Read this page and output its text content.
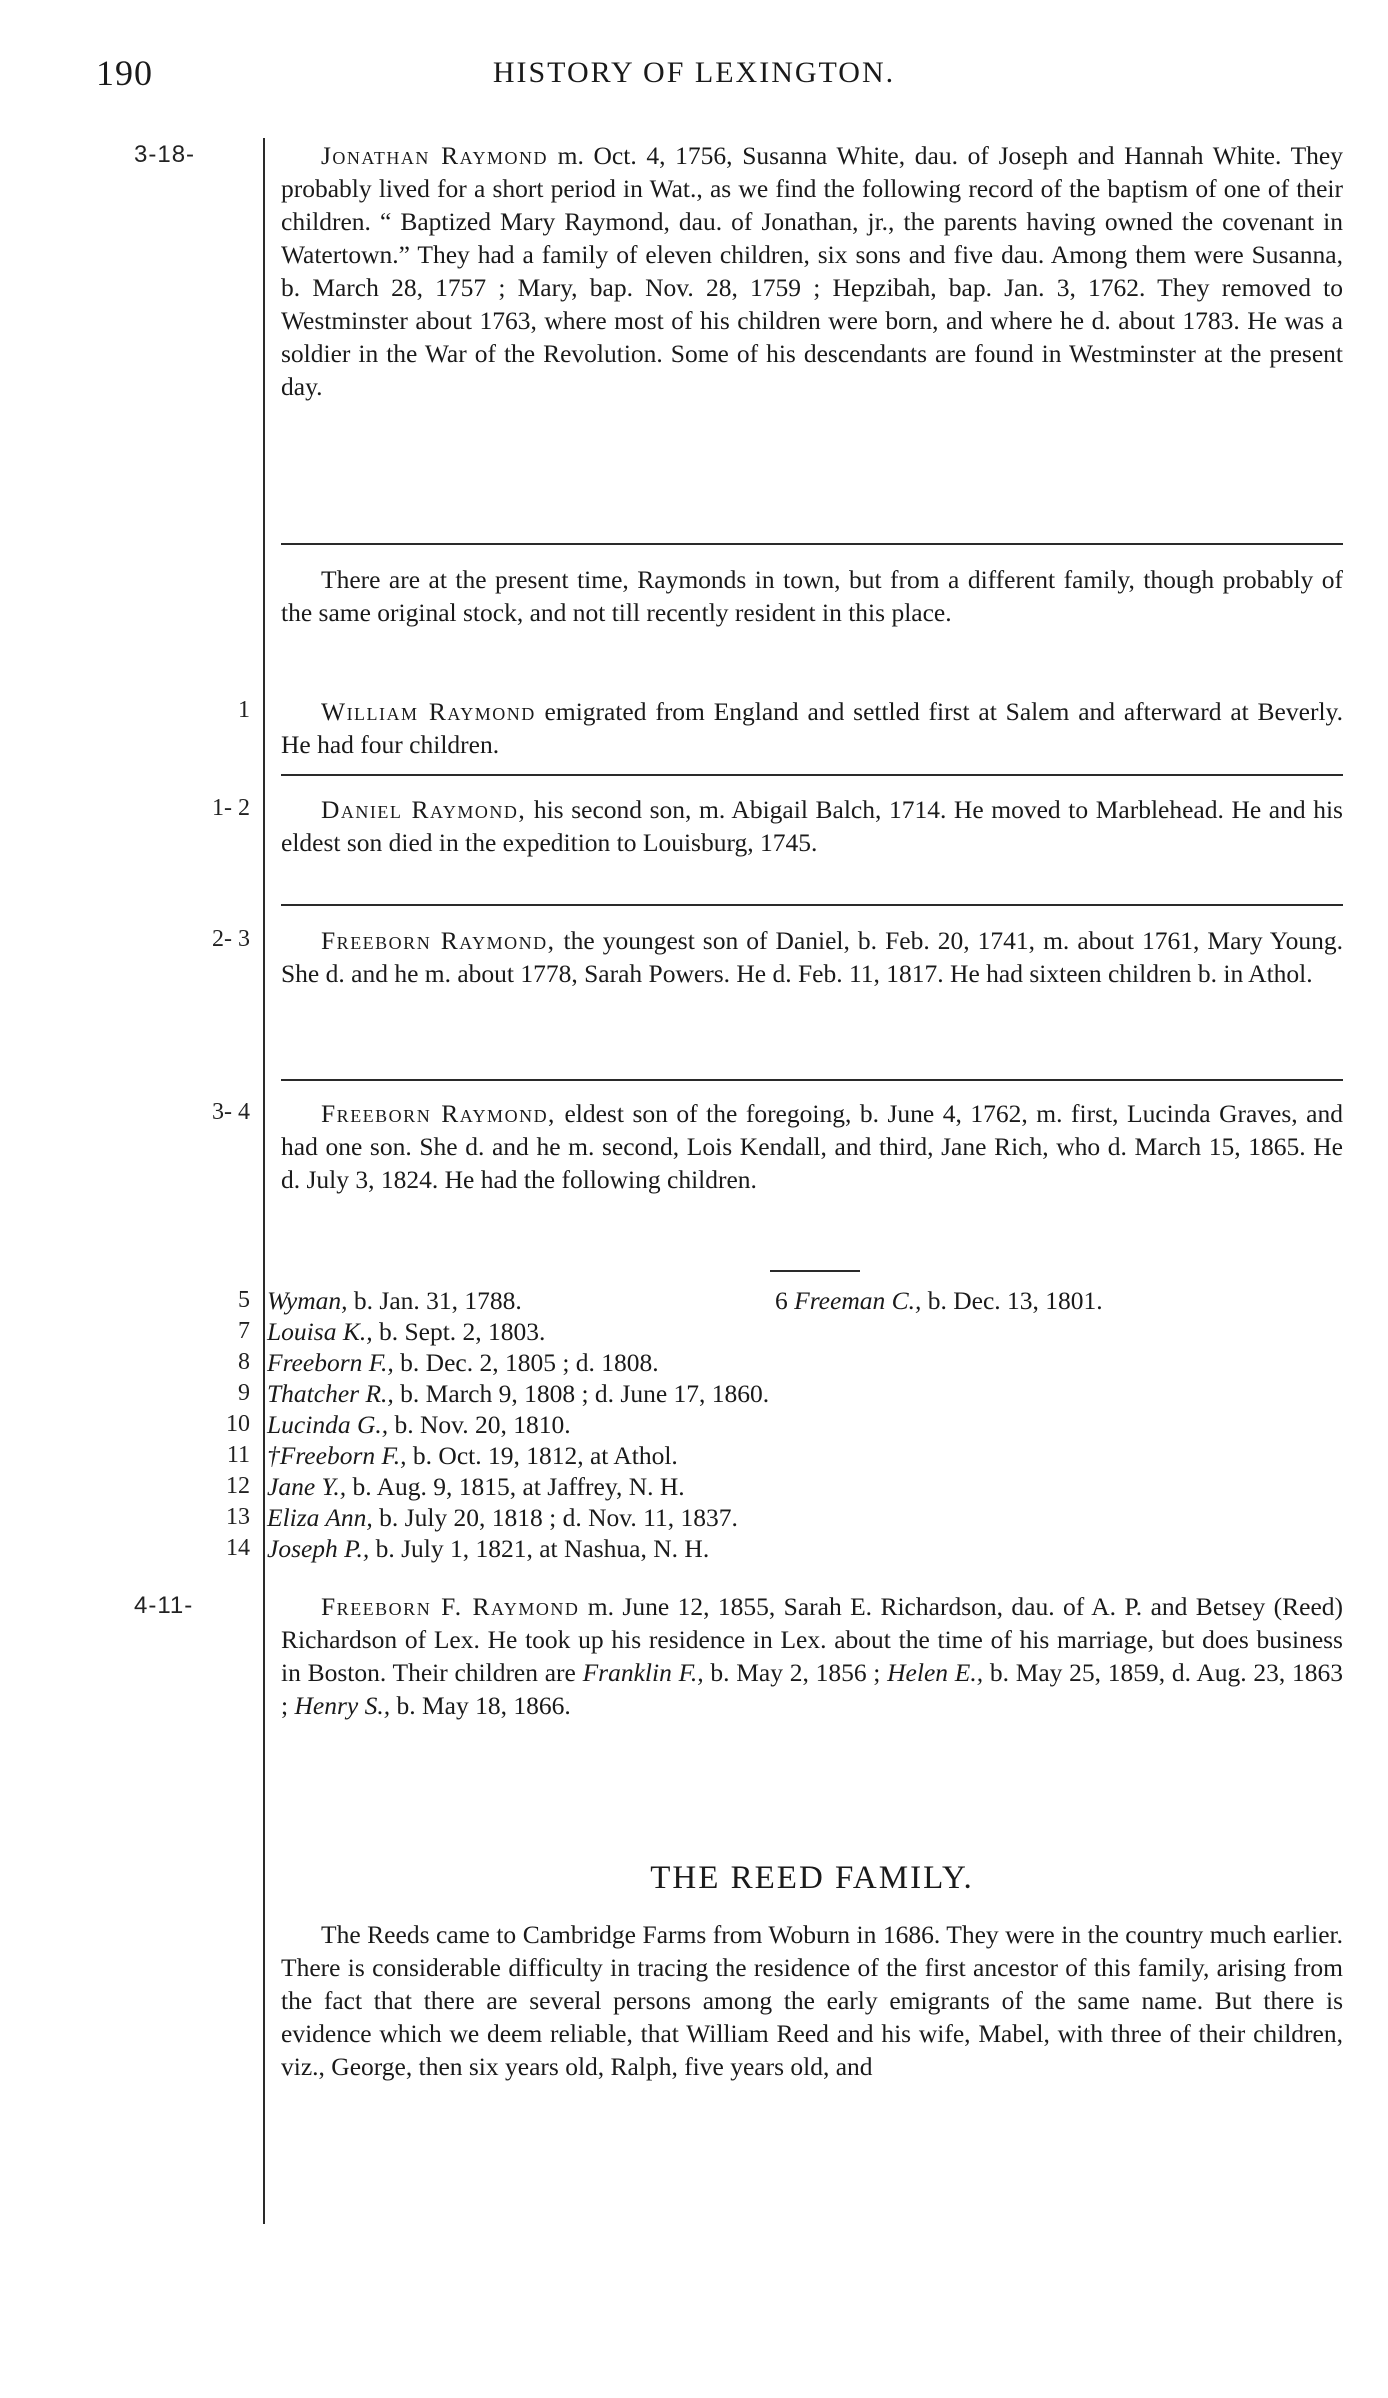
190	HISTORY OF LEXINGTON.
3-18-	Jonathan Raymond m. Oct. 4, 1756, Susanna White, dau. of Joseph and Hannah White. They probably lived for a short period in Wat., as we find the following record of the baptism of one of their children. “ Baptized Mary Raymond, dau. of Jonathan, jr., the parents having owned the covenant in Watertown.” They had a family of eleven children, six sons and five dau. Among them were Susanna, b. March 28, 1757 ; Mary, bap. Nov. 28, 1759 ; Hepzibah, bap. Jan. 3, 1762. They removed to Westminster about 1763, where most of his children were born, and where he d. about 1783. He was a soldier in the War of the Revolution. Some of his descendants are found in Westminster at the present day.

There are at the present time, Raymonds in town, but from a different family, though probably of the same original stock, and not till recently resident in this place.

1	William Raymond emigrated from England and settled first at Salem and afterward at Beverly. He had four children.

1- 2	Daniel Raymond, his second son, m. Abigail Balch, 1714. He moved to Marblehead. He and his eldest son died in the expedition to Louisburg, 1745.

2- 3	Freeborn Raymond, the youngest son of Daniel, b. Feb. 20, 1741, m. about 1761, Mary Young. She d. and he m. about 1778, Sarah Powers. He d. Feb. 11, 1817. He had sixteen children b. in Athol.

3- 4	Freeborn Raymond, eldest son of the foregoing, b. June 4, 1762, m. first, Lucinda Graves, and had one son. She d. and he m. second, Lois Kendall, and third, Jane Rich, who d. March 15, 1865. He d. July 3, 1824. He had the following children.

5 Wyman, b. Jan. 31, 1788.	6 Freeman C., b. Dec. 13, 1801.
7 Louisa K., b. Sept. 2, 1803.
8 Freeborn F., b. Dec. 2, 1805 ; d. 1808.
9 Thatcher R., b. March 9, 1808 ; d. June 17, 1860.
10 Lucinda G., b. Nov. 20, 1810.
11 †Freeborn F., b. Oct. 19, 1812, at Athol.
12 Jane Y., b. Aug. 9, 1815, at Jaffrey, N. H.
13 Eliza Ann, b. July 20, 1818 ; d. Nov. 11, 1837.
14 Joseph P., b. July 1, 1821, at Nashua, N. H.
4-11-	Freeborn F. Raymond m. June 12, 1855, Sarah E. Richardson, dau. of A. P. and Betsey (Reed) Richardson of Lex. He took up his residence in Lex. about the time of his marriage, but does business in Boston. Their children are Franklin F., b. May 2, 1856 ; Helen E., b. May 25, 1859, d. Aug. 23, 1863 ; Henry S., b. May 18, 1866.

THE REED FAMILY.

The Reeds came to Cambridge Farms from Woburn in 1686. They were in the country much earlier. There is considerable difficulty in tracing the residence of the first ancestor of this family, arising from the fact that there are several persons among the early emigrants of the same name. But there is evidence which we deem reliable, that William Reed and his wife, Mabel, with three of their children, viz., George, then six years old, Ralph, five years old, and
